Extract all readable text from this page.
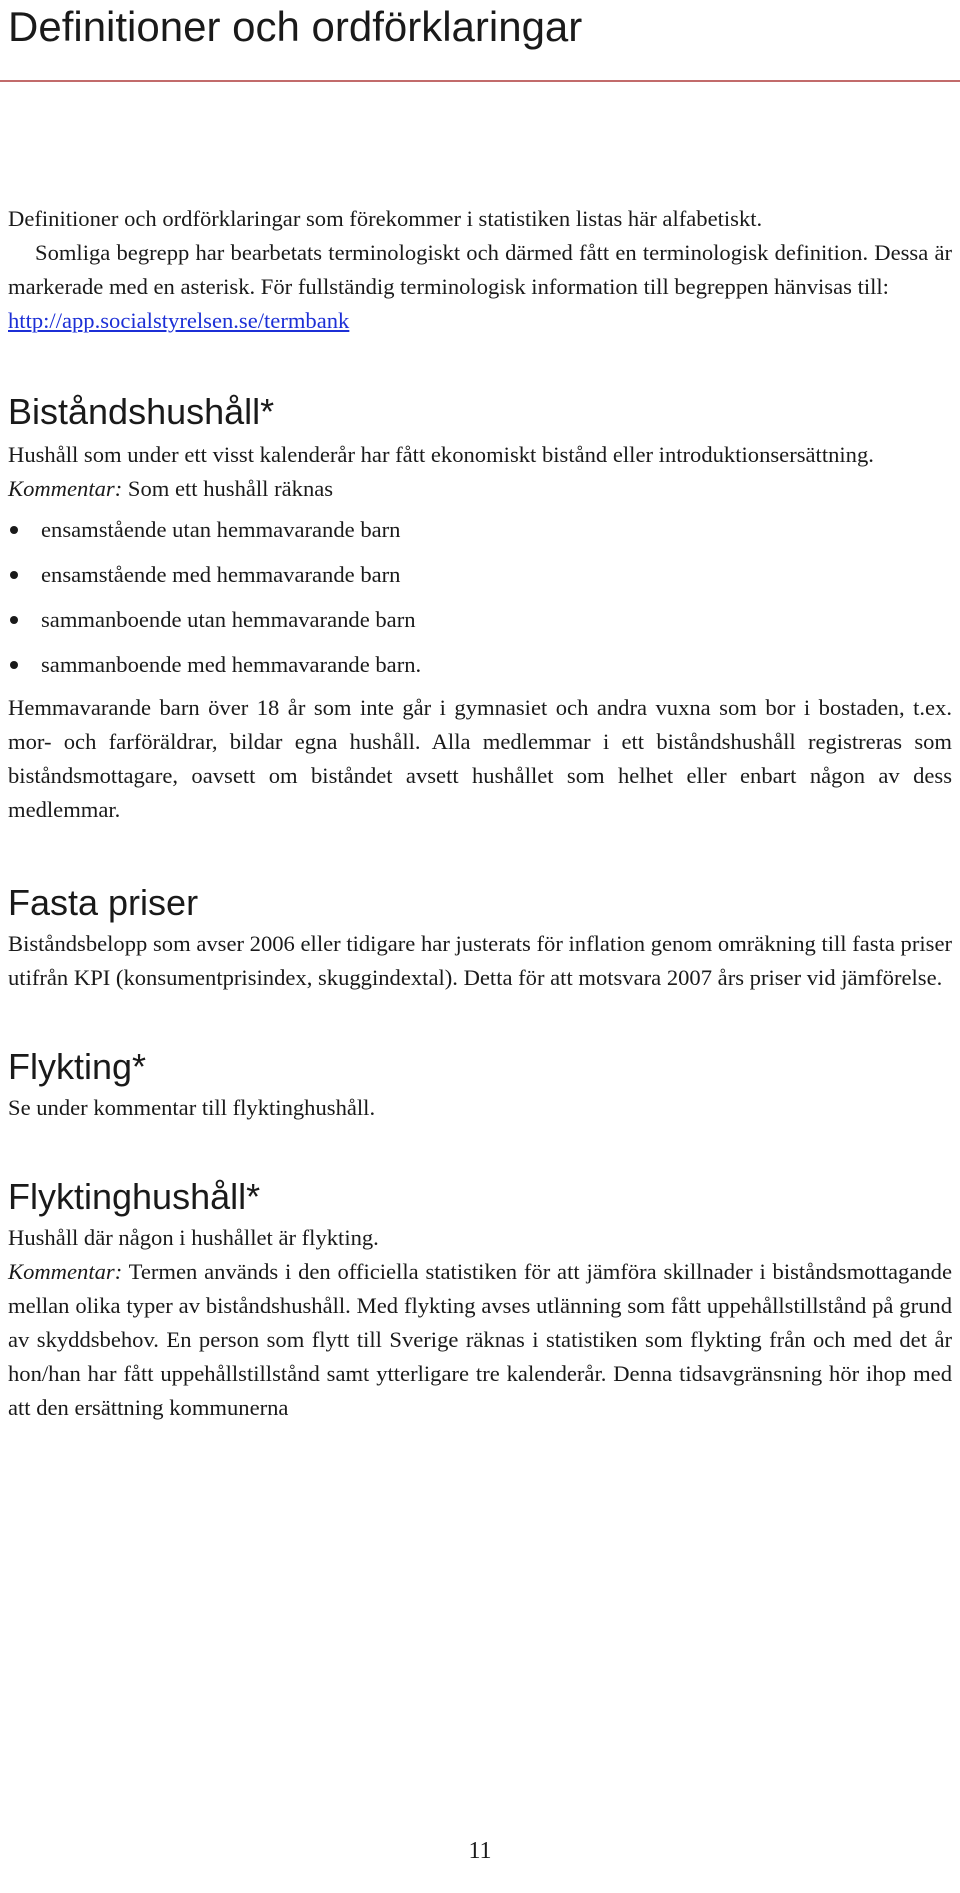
Definitioner och ordförklaringar

Definitioner och ordförklaringar som förekommer i statistiken listas här alfabetiskt.

Somliga begrepp har bearbetats terminologiskt och därmed fått en terminologisk definition. Dessa är markerade med en asterisk. För fullständig terminologisk information till begreppen hänvisas till:

http://app.socialstyrelsen.se/termbank

Biståndshushåll*

Hushåll som under ett visst kalenderår har fått ekonomiskt bistånd eller introduktionsersättning.

Kommentar: Som ett hushåll räknas

ensamstående utan hemmavarande barn
ensamstående med hemmavarande barn
sammanboende utan hemmavarande barn
sammanboende med hemmavarande barn.

Hemmavarande barn över 18 år som inte går i gymnasiet och andra vuxna som bor i bostaden, t.ex. mor- och farföräldrar, bildar egna hushåll. Alla medlemmar i ett biståndshushåll registreras som biståndsmottagare, oavsett om biståndet avsett hushållet som helhet eller enbart någon av dess medlemmar.

Fasta priser

Biståndsbelopp som avser 2006 eller tidigare har justerats för inflation genom omräkning till fasta priser utifrån KPI (konsumentprisindex, skuggindextal). Detta för att motsvara 2007 års priser vid jämförelse.

Flykting*

Se under kommentar till flyktinghushåll.

Flyktinghushåll*

Hushåll där någon i hushållet är flykting.

Kommentar: Termen används i den officiella statistiken för att jämföra skillnader i biståndsmottagande mellan olika typer av biståndshushåll. Med flykting avses utlänning som fått uppehållstillstånd på grund av skyddsbehov. En person som flytt till Sverige räknas i statistiken som flykting från och med det år hon/han har fått uppehållstillstånd samt ytterligare tre kalenderår. Denna tidsavgränsning hör ihop med att den ersättning kommunerna

11
